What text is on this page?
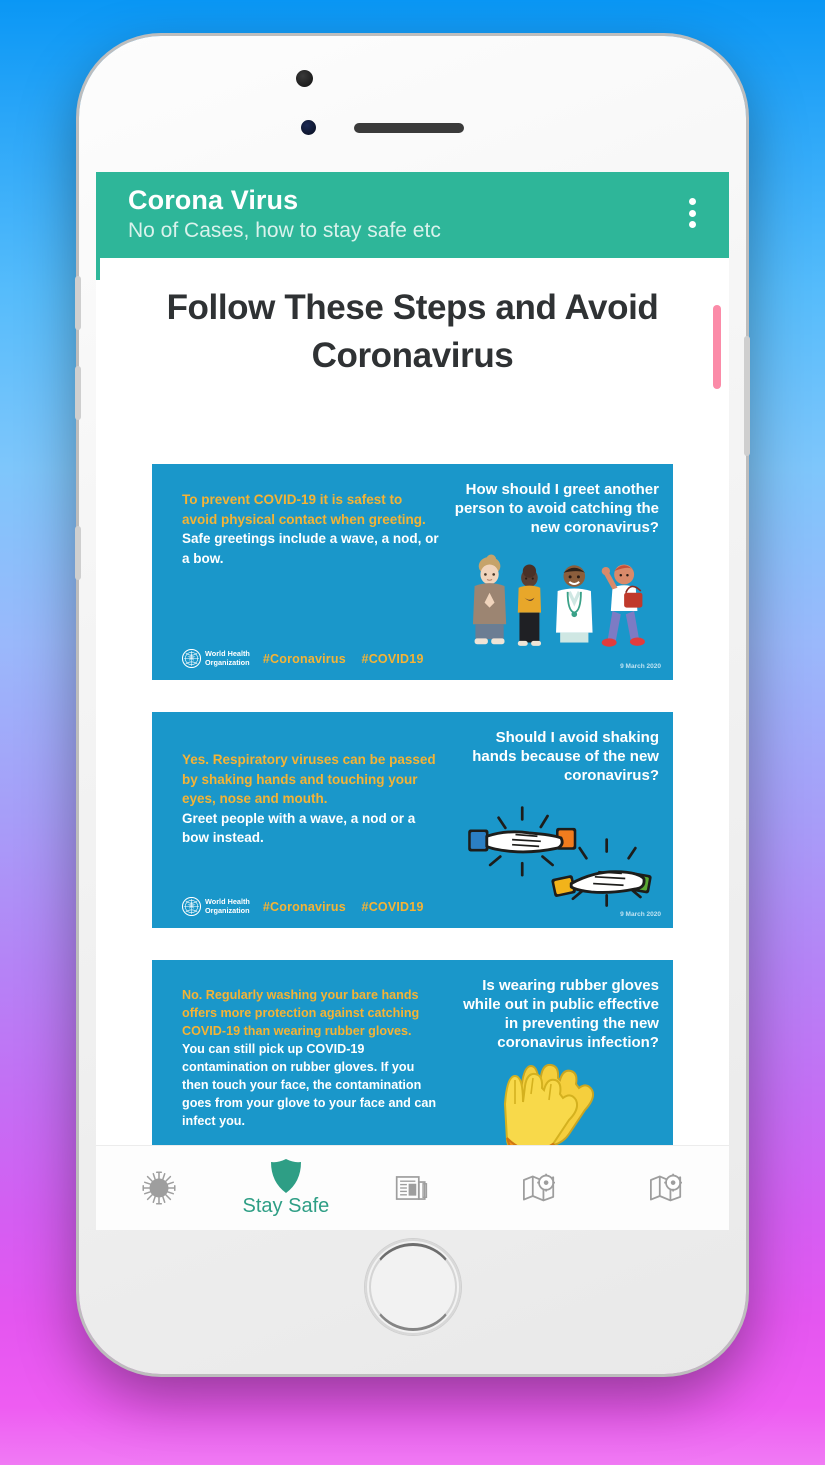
Corona Virus
No of Cases, how to stay safe etc
Follow These Steps and Avoid Coronavirus
To prevent COVID-19 it is safest to avoid physical contact when greeting.
Safe greetings include a wave, a nod, or a bow.
World Health
Organization #Coronavirus #COVID19
How should I greet another person to avoid catching the new coronavirus?
9 March 2020
Yes. Respiratory viruses can be passed by shaking hands and touching your eyes, nose and mouth.
Greet people with a wave, a nod or a bow instead.
World Health
Organization #Coronavirus #COVID19
Should I avoid shaking hands because of the new coronavirus?
9 March 2020
No. Regularly washing your bare hands offers more protection against catching COVID-19 than wearing rubber gloves.
You can still pick up COVID-19 contamination on rubber gloves. If you then touch your face, the contamination goes from your glove to your face and can infect you.

Is wearing rubber gloves while out in public effective in preventing the new coronavirus infection?
Stay Safe
